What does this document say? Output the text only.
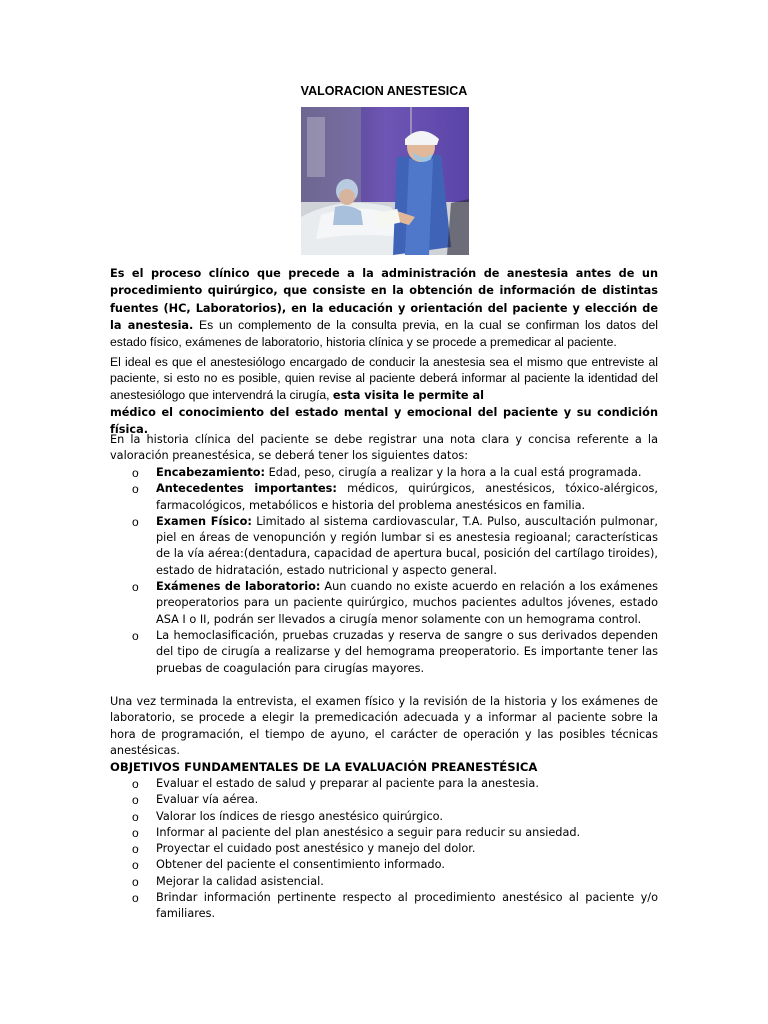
VALORACION ANESTESICA

Es el proceso clínico que precede a la administración de anestesia antes de un procedimiento quirúrgico, que consiste en la obtención de información de distintas fuentes (HC, Laboratorios), en la educación y orientación del paciente y elección de la anestesia. Es un complemento de la consulta previa, en la cual se confirman los datos del estado físico, exámenes de laboratorio, historia clínica y se procede a premedicar al paciente.

El ideal es que el anestesiólogo encargado de conducir la anestesia sea el mismo que entreviste al paciente, si esto no es posible, quien revise al paciente deberá informar al paciente la identidad del anestesiólogo que intervendrá la cirugía, esta visita le permite al
médico el conocimiento del estado mental y emocional del paciente y su condición física.

En la historia clínica del paciente se debe registrar una nota clara y concisa referente a la valoración preanestésica, se deberá tener los siguientes datos:

o Encabezamiento: Edad, peso, cirugía a realizar y la hora a la cual está programada.
o Antecedentes importantes: médicos, quirúrgicos, anestésicos, tóxico-alérgicos, farmacológicos, metabólicos e historia del problema anestésicos en familia.
o Examen Físico: Limitado al sistema cardiovascular, T.A. Pulso, auscultación pulmonar, piel en áreas de venopunción y región lumbar si es anestesia regioanal; características de la vía aérea:(dentadura, capacidad de apertura bucal, posición del cartílago tiroides), estado de hidratación, estado nutricional y aspecto general.
o Exámenes de laboratorio: Aun cuando no existe acuerdo en relación a los exámenes preoperatorios para un paciente quirúrgico, muchos pacientes adultos jóvenes, estado ASA I o II, podrán ser llevados a cirugía menor solamente con un hemograma control.
o La hemoclasificación, pruebas cruzadas y reserva de sangre o sus derivados dependen del tipo de cirugía a realizarse y del hemograma preoperatorio. Es importante tener las pruebas de coagulación para cirugías mayores.

Una vez terminada la entrevista, el examen físico y la revisión de la historia y los exámenes de laboratorio, se procede a elegir la premedicación adecuada y a informar al paciente sobre la hora de programación, el tiempo de ayuno, el carácter de operación y las posibles técnicas anestésicas.

OBJETIVOS FUNDAMENTALES DE LA EVALUACIÓN PREANESTÉSICA
o Evaluar el estado de salud y preparar al paciente para la anestesia.
o Evaluar vía aérea.
o Valorar los índices de riesgo anestésico quirúrgico.
o Informar al paciente del plan anestésico a seguir para reducir su ansiedad.
o Proyectar el cuidado post anestésico y manejo del dolor.
o Obtener del paciente el consentimiento informado.
o Mejorar la calidad asistencial.
o Brindar información pertinente respecto al procedimiento anestésico al paciente y/o familiares.
